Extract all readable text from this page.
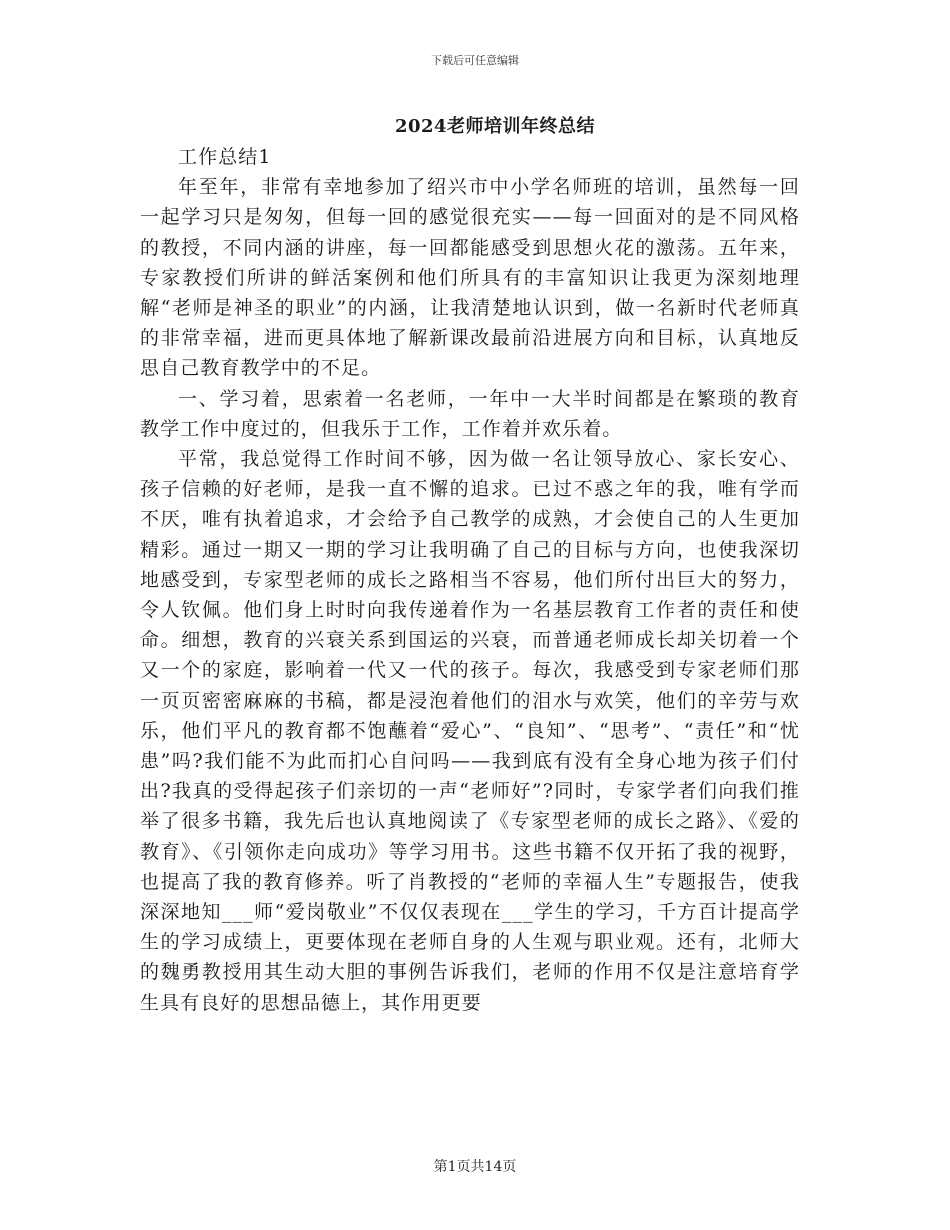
下载后可任意编辑
2024老师培训年终总结

工作总结1

年至年，非常有幸地参加了绍兴市中小学名师班的培训，虽然每一回一起学习只是匆匆，但每一回的感觉很充实——每一回面对的是不同风格的教授，不同内涵的讲座，每一回都能感受到思想火花的激荡。五年来，专家教授们所讲的鲜活案例和他们所具有的丰富知识让我更为深刻地理解“老师是神圣的职业”的内涵，让我清楚地认识到，做一名新时代老师真的非常幸福，进而更具体地了解新课改最前沿进展方向和目标，认真地反思自己教育教学中的不足。

一、学习着，思索着一名老师，一年中一大半时间都是在繁琐的教育教学工作中度过的，但我乐于工作，工作着并欢乐着。

平常，我总觉得工作时间不够，因为做一名让领导放心、家长安心、孩子信赖的好老师，是我一直不懈的追求。已过不惑之年的我，唯有学而不厌，唯有执着追求，才会给予自己教学的成熟，才会使自己的人生更加精彩。通过一期又一期的学习让我明确了自己的目标与方向，也使我深切地感受到，专家型老师的成长之路相当不容易，他们所付出巨大的努力，令人钦佩。他们身上时时向我传递着作为一名基层教育工作者的责任和使命。细想，教育的兴衰关系到国运的兴衰，而普通老师成长却关切着一个又一个的家庭，影响着一代又一代的孩子。每次，我感受到专家老师们那一页页密密麻麻的书稿，都是浸泡着他们的泪水与欢笑，他们的辛劳与欢乐，他们平凡的教育都不饱蘸着“爱心”、“良知”、“思考”、“责任”和“忧患”吗?我们能不为此而扪心自问吗——我到底有没有全身心地为孩子们付出?我真的受得起孩子们亲切的一声“老师好”?同时，专家学者们向我们推举了很多书籍，我先后也认真地阅读了《专家型老师的成长之路》、《爱的教育》、《引领你走向成功》等学习用书。这些书籍不仅开拓了我的视野，也提高了我的教育修养。听了肖教授的“老师的幸福人生”专题报告，使我深深地知___师“爱岗敬业”不仅仅表现在___学生的学习，千方百计提高学生的学习成绩上，更要体现在老师自身的人生观与职业观。还有，北师大的魏勇教授用其生动大胆的事例告诉我们，老师的作用不仅是注意培育学生具有良好的思想品德上，其作用更要

第1页共14页
